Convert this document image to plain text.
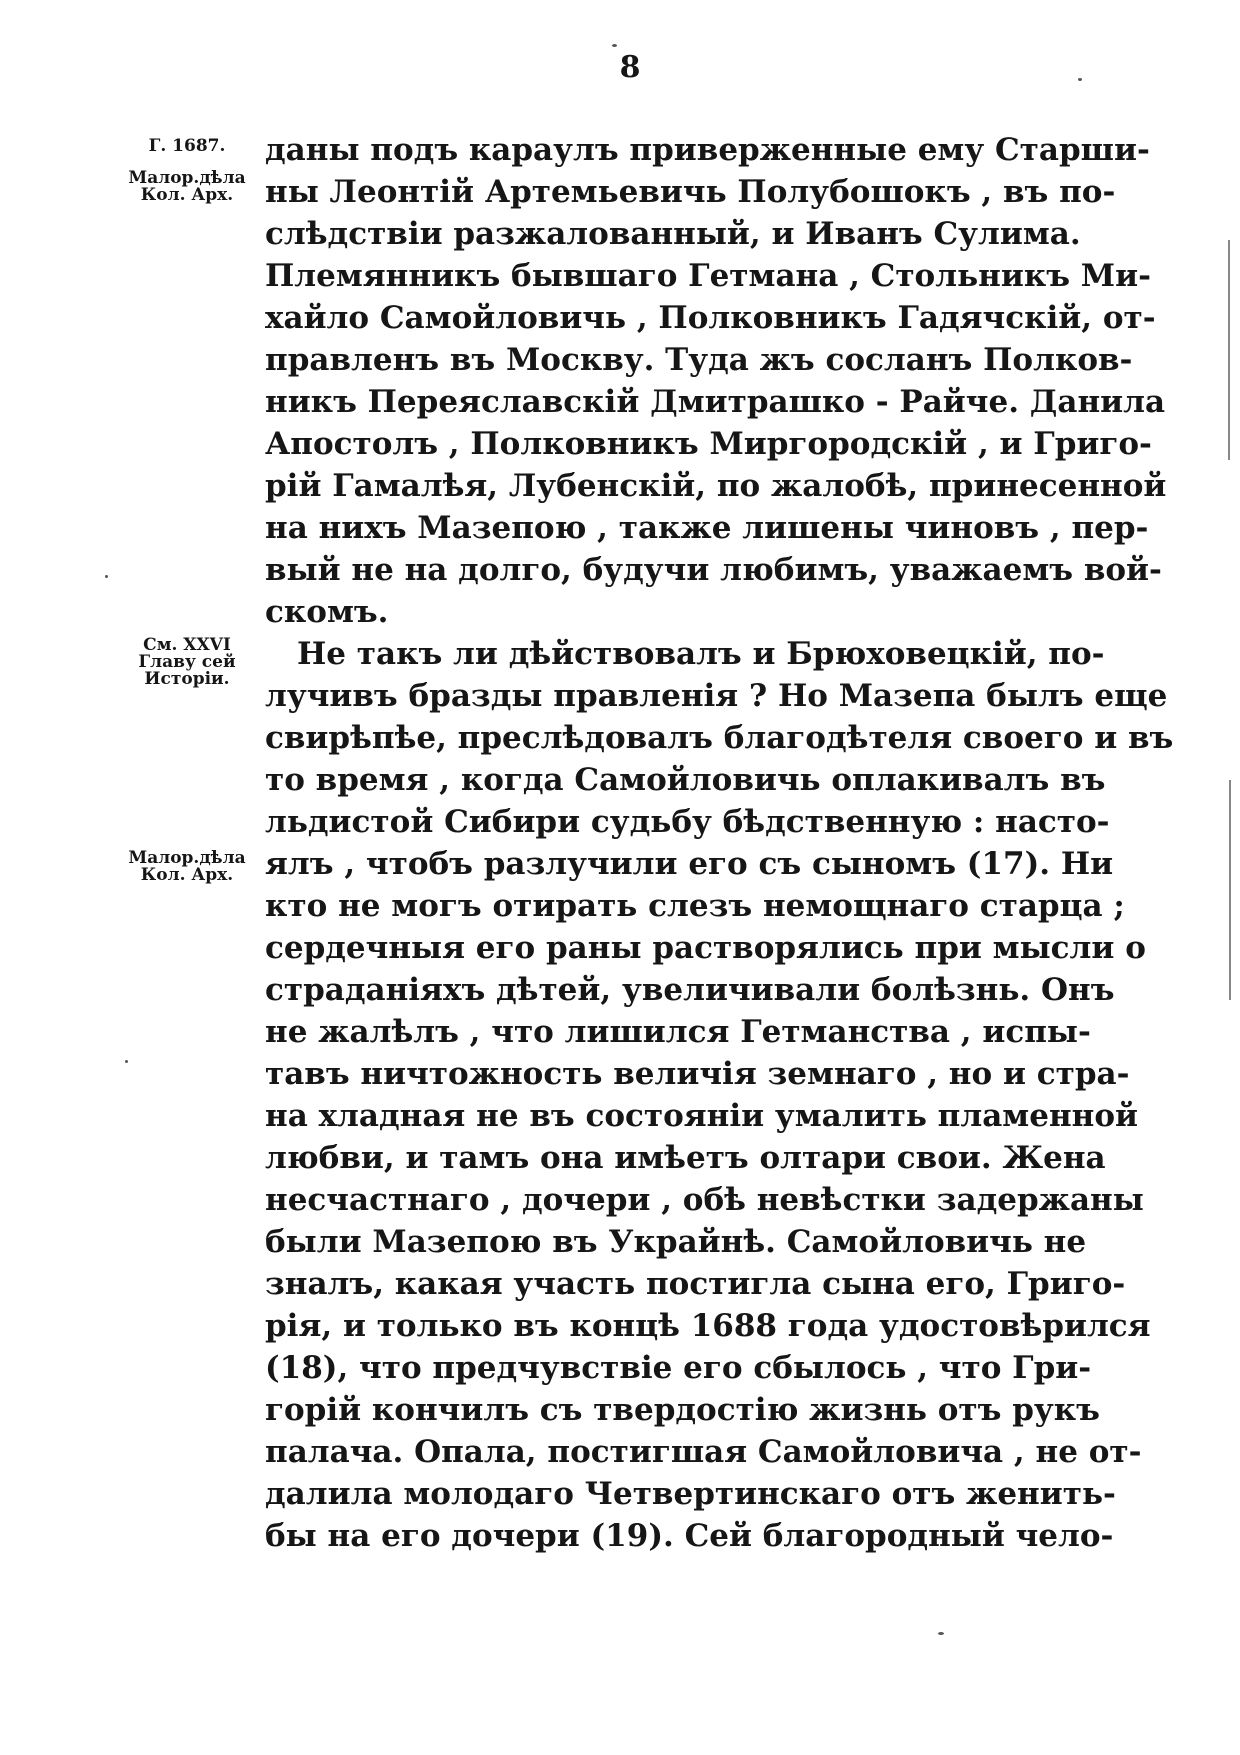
8
Г. 1687.
Малор.дѣла
Кол. Арх.
См. XXVI
Главу сей
Исторіи.
Малор.дѣла
Кол. Арх.
даны подъ караулъ приверженные ему Старши-
ны Леонтій Артемьевичь Полубошокъ , въ по-
слѣдствіи разжалованный, и Иванъ Сулима.
Племянникъ бывшаго Гетмана , Стольникъ Ми-
хайло Самойловичь , Полковникъ Гадячскій, от-
правленъ въ Москву. Туда жъ сосланъ Полков-
никъ Переяславскій Дмитрашко - Райче. Данила
Апостолъ , Полковникъ Миргородскій , и Григо-
рій Гамалѣя, Лубенскій, по жалобѣ, принесенной
на нихъ Мазепою , также лишены чиновъ , пер-
вый не на долго, будучи любимъ, уважаемъ вой-
скомъ.
Не такъ ли дѣйствовалъ и Брюховецкій, по-
лучивъ бразды правленія ? Но Мазепа былъ еще
свирѣпѣе, преслѣдовалъ благодѣтеля своего и въ
то время , когда Самойловичь оплакивалъ въ
льдистой Сибири судьбу бѣдственную : насто-
ялъ , чтобъ разлучили его съ сыномъ (17). Ни
кто не могъ отирать слезъ немощнаго старца ;
сердечныя его раны растворялись при мысли о
страданіяхъ дѣтей, увеличивали болѣзнь. Онъ
не жалѣлъ , что лишился Гетманства , испы-
тавъ ничтожность величія земнаго , но и стра-
на хладная не въ состояніи умалить пламенной
любви, и тамъ она имѣетъ олтари свои. Жена
несчастнаго , дочери , обѣ невѣстки задержаны
были Мазепою въ Украйнѣ. Самойловичь не
зналъ, какая участь постигла сына его, Григо-
рія, и только въ концѣ 1688 года удостовѣрился
(18), что предчувствіе его сбылось , что Гри-
горій кончилъ съ твердостію жизнь отъ рукъ
палача. Опала, постигшая Самойловича , не от-
далила молодаго Четвертинскаго отъ женить-
бы на его дочери (19). Сей благородный чело-
